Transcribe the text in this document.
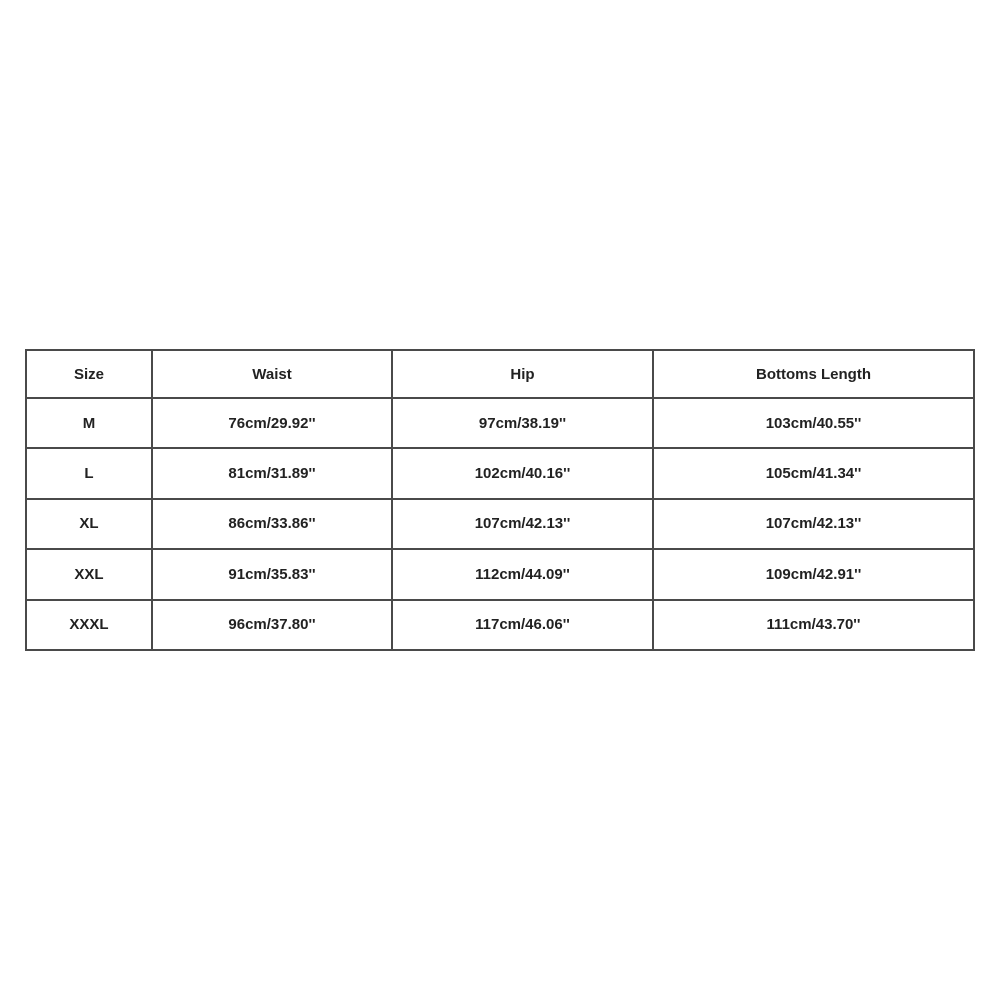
Size	Waist	Hip	Bottoms Length
M	76cm/29.92''	97cm/38.19''	103cm/40.55''
L	81cm/31.89''	102cm/40.16''	105cm/41.34''
XL	86cm/33.86''	107cm/42.13''	107cm/42.13''
XXL	91cm/35.83''	112cm/44.09''	109cm/42.91''
XXXL	96cm/37.80''	117cm/46.06''	111cm/43.70''
